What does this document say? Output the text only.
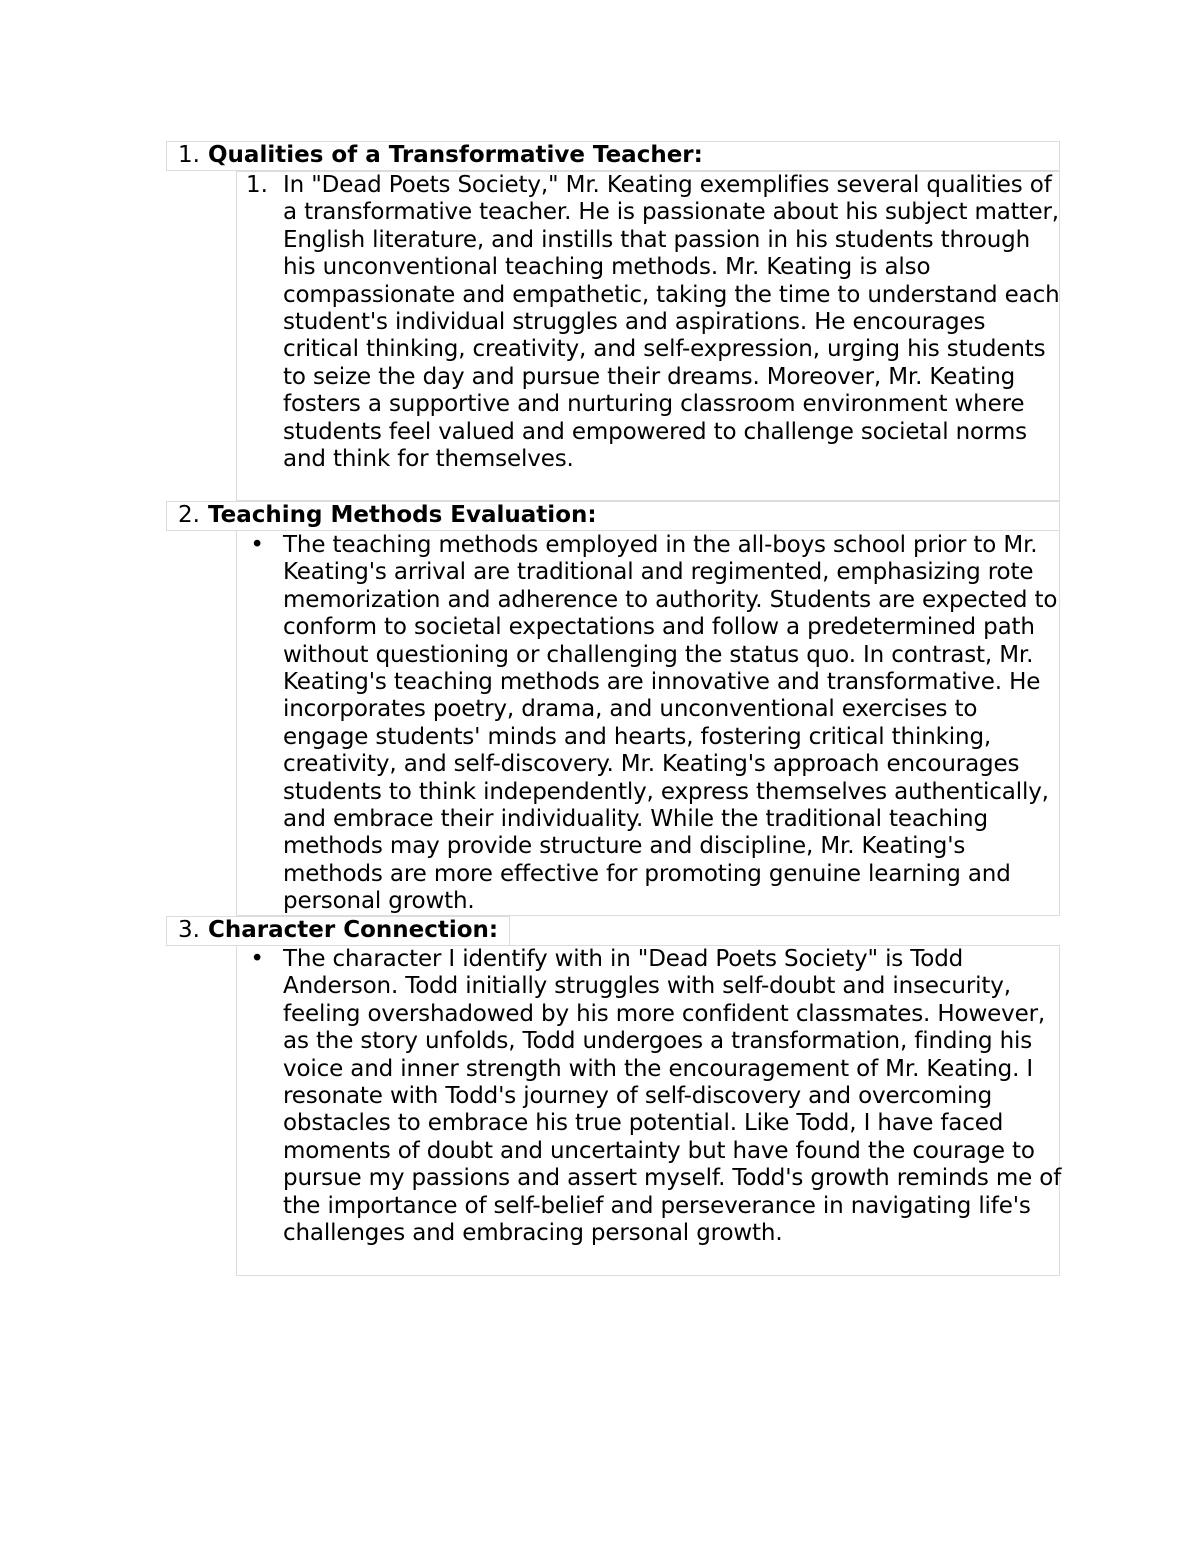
1. Qualities of a Transformative Teacher:
1. In "Dead Poets Society," Mr. Keating exemplifies several qualities of a transformative teacher. He is passionate about his subject matter, English literature, and instills that passion in his students through his unconventional teaching methods. Mr. Keating is also compassionate and empathetic, taking the time to understand each student's individual struggles and aspirations. He encourages critical thinking, creativity, and self-expression, urging his students to seize the day and pursue their dreams. Moreover, Mr. Keating fosters a supportive and nurturing classroom environment where students feel valued and empowered to challenge societal norms and think for themselves.
2. Teaching Methods Evaluation:
• The teaching methods employed in the all-boys school prior to Mr. Keating's arrival are traditional and regimented, emphasizing rote memorization and adherence to authority. Students are expected to conform to societal expectations and follow a predetermined path without questioning or challenging the status quo. In contrast, Mr. Keating's teaching methods are innovative and transformative. He incorporates poetry, drama, and unconventional exercises to engage students' minds and hearts, fostering critical thinking, creativity, and self-discovery. Mr. Keating's approach encourages students to think independently, express themselves authentically, and embrace their individuality. While the traditional teaching methods may provide structure and discipline, Mr. Keating's methods are more effective for promoting genuine learning and personal growth.
3. Character Connection:
• The character I identify with in "Dead Poets Society" is Todd Anderson. Todd initially struggles with self-doubt and insecurity, feeling overshadowed by his more confident classmates. However, as the story unfolds, Todd undergoes a transformation, finding his voice and inner strength with the encouragement of Mr. Keating. I resonate with Todd's journey of self-discovery and overcoming obstacles to embrace his true potential. Like Todd, I have faced moments of doubt and uncertainty but have found the courage to pursue my passions and assert myself. Todd's growth reminds me of the importance of self-belief and perseverance in navigating life's challenges and embracing personal growth.
